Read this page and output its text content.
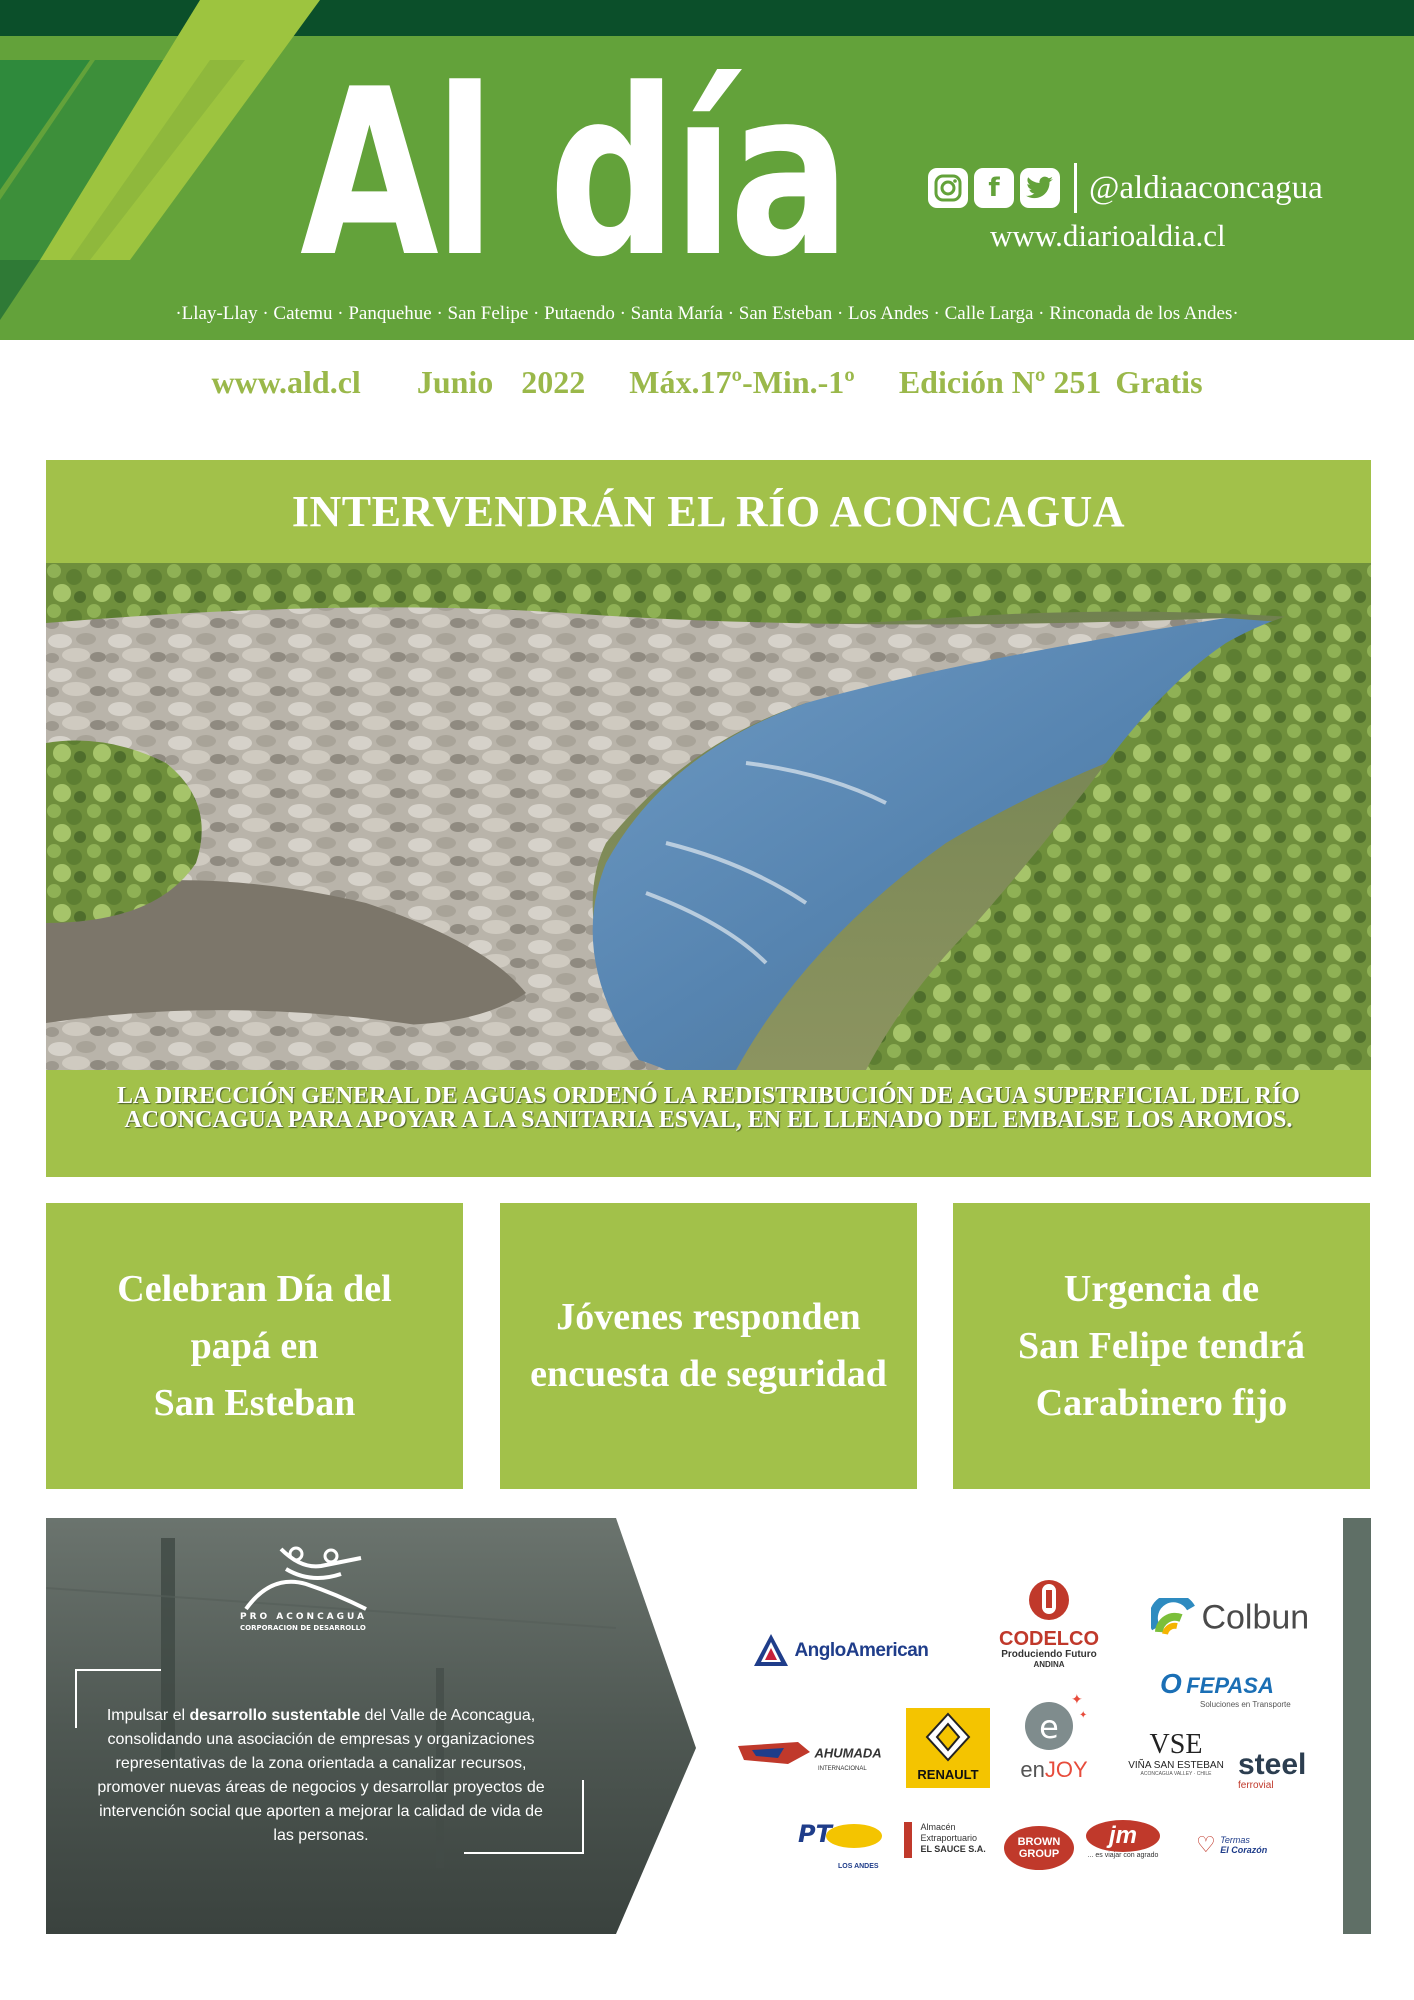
Al día	f	@aldiaaconcagua
www.diarioaldia.cl
·Llay-Llay · Catemu · Panquehue · San Felipe · Putaendo · Santa María · San Esteban · Los Andes · Calle Larga · Rinconada de los Andes·
www.ald.cl Junio 2022 Máx.17º-Min.-1º Edición Nº 251 Gratis
INTERVENDRÁN EL RÍO ACONCAGUA
LA DIRECCIÓN GENERAL DE AGUAS ORDENÓ LA REDISTRIBUCIÓN DE AGUA SUPERFICIAL DEL RÍO ACONCAGUA PARA APOYAR A LA SANITARIA ESVAL, EN EL LLENADO DEL EMBALSE LOS AROMOS.
Celebran Día del
papá en
San Esteban
Jóvenes responden
encuesta de seguridad
Urgencia de
San Felipe tendrá
Carabinero fijo
PRO ACONCAGUA
CORPORACION DE DESARROLLO
Impulsar el desarrollo sustentable del Valle de Aconcagua, consolidando una asociación de empresas y organizaciones representativas de la zona orientada a canalizar recursos, promover nuevas áreas de negocios y desarrollar proyectos de intervención social que aporten a mejorar la calidad de vida de las personas.
AngloAmerican
CODELCO
Produciendo Futuro
ANDINA
Colbun
O FEPASA
Soluciones en Transporte
AHUMADA
INTERNACIONAL	RENAULT
e
✦
✦
enJOY
VSE
VIÑA SAN ESTEBAN
ACONCAGUA VALLEY · CHILE steel
ferrovial
PT
LOS ANDES
Almacén
Extraportuario
EL SAUCE S.A.
BROWN GROUP
jm
... es viajar con agrado ♡ Termas
El Corazón
